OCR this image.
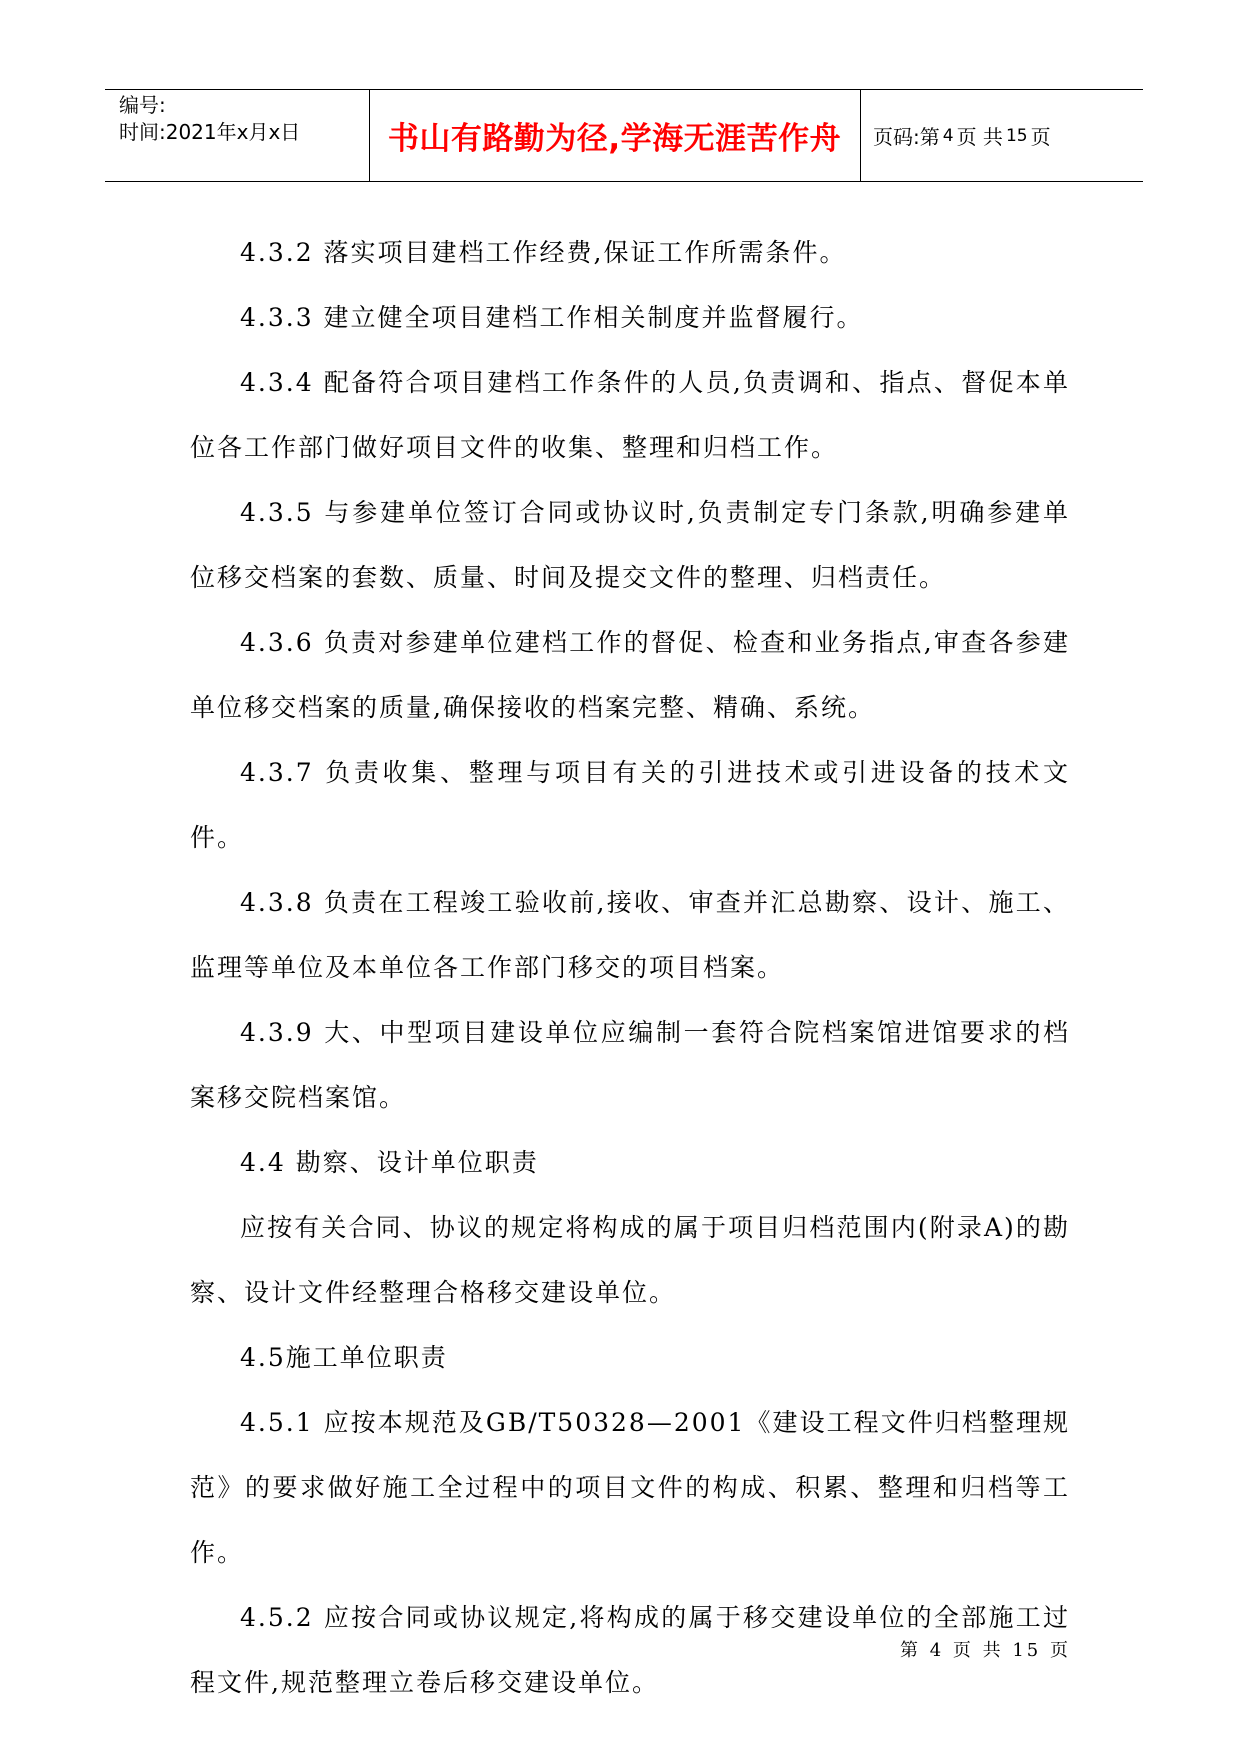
编号:
时间:2021年x月x日	书山有路勤为径,学海无涯苦作舟	页码:第 4 页 共 15 页

4.3.2 落实项目建档工作经费,保证工作所需条件。

4.3.3 建立健全项目建档工作相关制度并监督履行。

4.3.4 配备符合项目建档工作条件的人员,负责调和、指点、督促本单位各工作部门做好项目文件的收集、整理和归档工作。

4.3.5 与参建单位签订合同或协议时,负责制定专门条款,明确参建单位移交档案的套数、质量、时间及提交文件的整理、归档责任。

4.3.6 负责对参建单位建档工作的督促、检查和业务指点,审查各参建单位移交档案的质量,确保接收的档案完整、精确、系统。

4.3.7 负责收集、整理与项目有关的引进技术或引进设备的技术文件。

4.3.8 负责在工程竣工验收前,接收、审查并汇总勘察、设计、施工、监理等单位及本单位各工作部门移交的项目档案。

4.3.9 大、中型项目建设单位应编制一套符合院档案馆进馆要求的档案移交院档案馆。

4.4 勘察、设计单位职责

应按有关合同、协议的规定将构成的属于项目归档范围内(附录A)的勘察、设计文件经整理合格移交建设单位。

4.5施工单位职责

4.5.1 应按本规范及GB/T50328—2001《建设工程文件归档整理规范》的要求做好施工全过程中的项目文件的构成、积累、整理和归档等工作。

4.5.2 应按合同或协议规定,将构成的属于移交建设单位的全部施工过程文件,规范整理立卷后移交建设单位。

第 4 页 共 15 页
